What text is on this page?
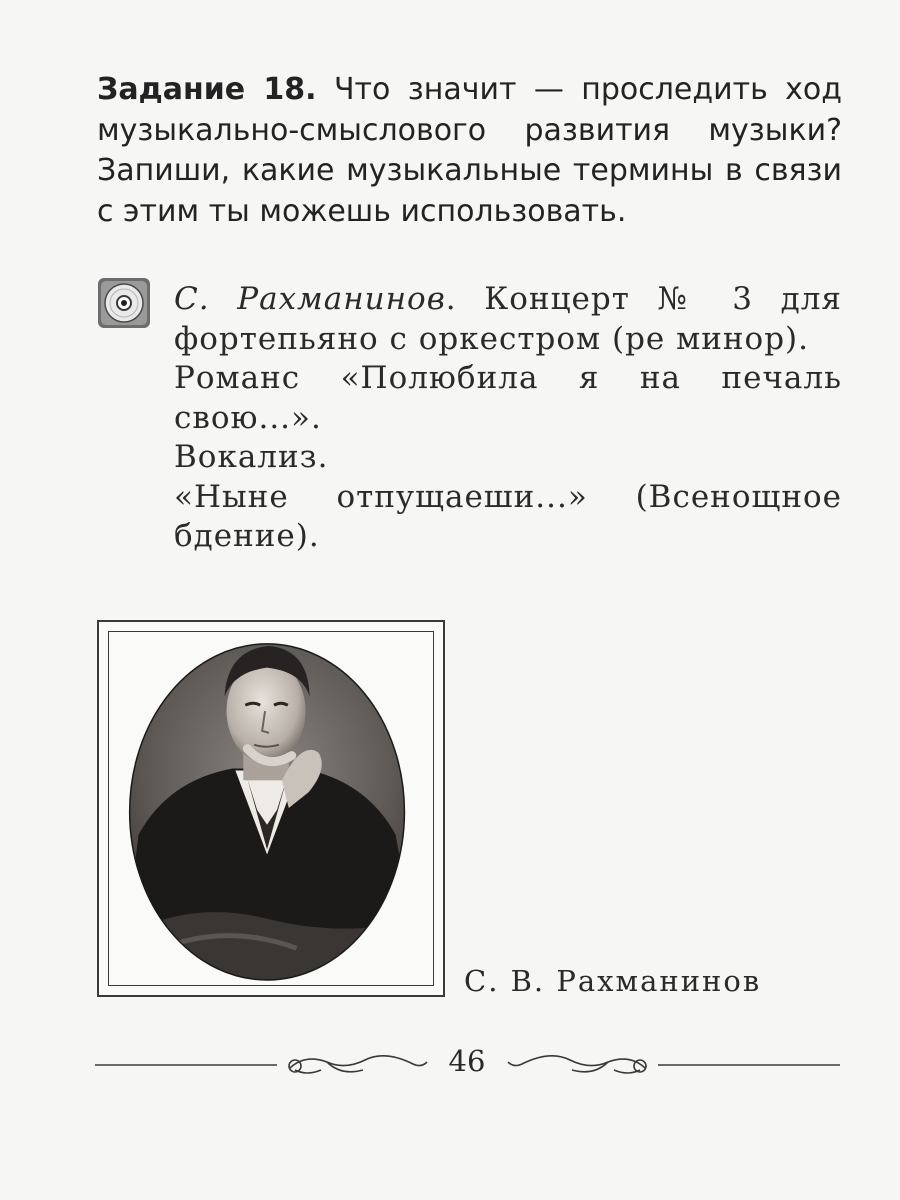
Задание 18. Что значит — проследить ход музыкально-смыслового развития музыки? Запиши, какие музыкальные термины в связи с этим ты можешь использовать.

С. Рахманинов. Концерт № 3 для фортепьяно с оркестром (ре минор).

Романс «Полюбила я на печаль свою...».

Вокализ.

«Ныне отпущаеши...» (Всенощное бдение).

С. В. Рахманинов
46
